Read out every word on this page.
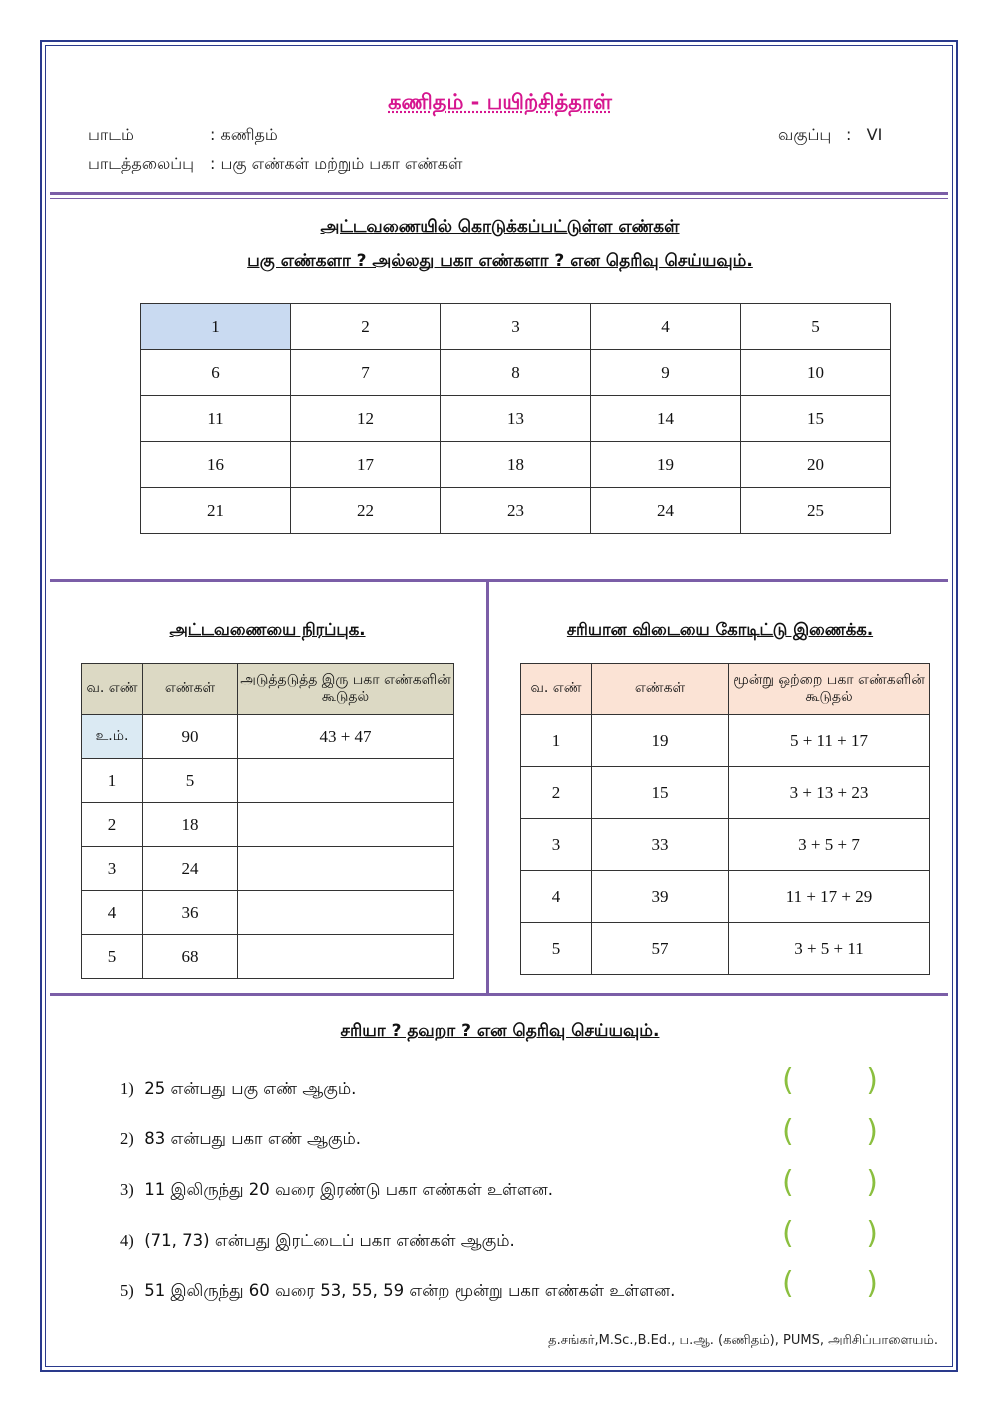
கணிதம் - பயிற்சித்தாள்
பாடம்	: கணிதம்	வகுப்பு :   VI
பாடத்தலைப்பு : பகு எண்கள் மற்றும் பகா எண்கள்
அட்டவணையில் கொடுக்கப்பட்டுள்ள எண்கள்
பகு எண்களா ? அல்லது பகா எண்களா ? என தெரிவு செய்யவும்.
1	2	3	4	5
6	7	8	9	10
11	12	13	14	15
16	17	18	19	20
21	22	23	24	25
அட்டவணையை நிரப்புக.
வ. எண்	எண்கள்	அடுத்தடுத்த இரு பகா எண்களின் கூடுதல்
உ.ம்.	90	43 + 47
1	5	
2	18	
3	24	
4	36	
5	68	
சரியான விடையை கோடிட்டு இணைக்க.
வ. எண்	எண்கள்	மூன்று ஒற்றை பகா எண்களின் கூடுதல்
1	19	5 + 11 + 17
2	15	3 + 13 + 23
3	33	3 + 5 + 7
4	39	11 + 17 + 29
5	57	3 + 5 + 11
சரியா ? தவறா ? என தெரிவு செய்யவும்.
1) 25 என்பது பகு எண் ஆகும்.
2) 83 என்பது பகா எண் ஆகும்.
3) 11 இலிருந்து 20 வரை இரண்டு பகா எண்கள் உள்ளன.
4) (71, 73) என்பது இரட்டைப் பகா எண்கள் ஆகும்.
5) 51 இலிருந்து 60 வரை 53, 55, 59 என்ற மூன்று பகா எண்கள் உள்ளன.
( )
( )
( )
( )
( )
த.சங்கர்,M.Sc.,B.Ed., ப.ஆ. (கணிதம்), PUMS, அரிசிப்பாளையம்.
